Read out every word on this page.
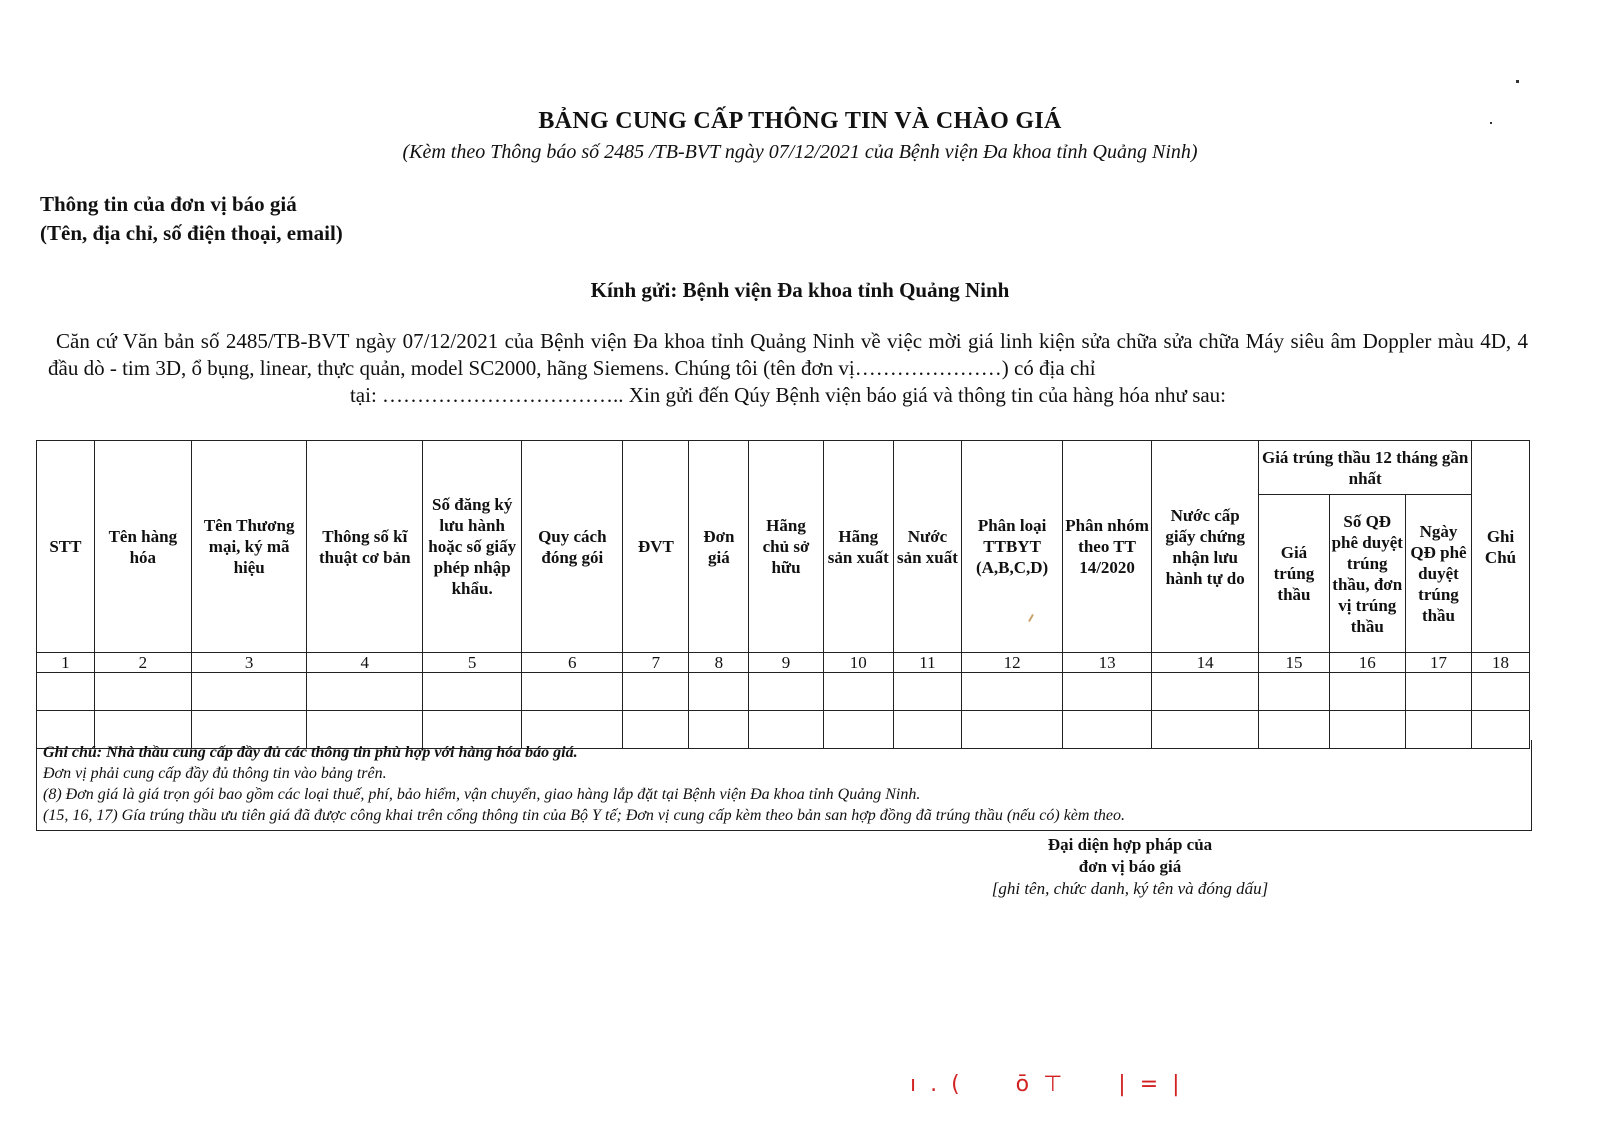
BẢNG CUNG CẤP THÔNG TIN VÀ CHÀO GIÁ
(Kèm theo Thông báo số 2485 /TB-BVT ngày 07/12/2021 của Bệnh viện Đa khoa tỉnh Quảng Ninh)
Thông tin của đơn vị báo giá
(Tên, địa chỉ, số điện thoại, email)
Kính gửi: Bệnh viện Đa khoa tỉnh Quảng Ninh
Căn cứ Văn bản số 2485/TB-BVT ngày 07/12/2021 của Bệnh viện Đa khoa tỉnh Quảng Ninh về việc mời giá linh kiện sửa chữa sửa chữa Máy siêu âm Doppler màu 4D, 4 đầu dò - tim 3D, ổ bụng, linear, thực quản, model SC2000, hãng Siemens. Chúng tôi (tên đơn vị…………………) có địa chỉ
tại: …………………………….. Xin gửi đến Qúy Bệnh viện báo giá và thông tin của hàng hóa như sau:
STT	Tên hàng hóa	Tên Thương mại, ký mã hiệu	Thông số kĩ thuật cơ bản	Số đăng ký lưu hành hoặc số giấy phép nhập khẩu.	Quy cách đóng gói	ĐVT	Đơn giá	Hãng chủ sở hữu	Hãng sản xuất	Nước sản xuất	Phân loại TTBYT (A,B,C,D)	Phân nhóm theo TT 14/2020	Nước cấp giấy chứng nhận lưu hành tự do	Giá trúng thầu 12 tháng gần nhất			Ghi Chú
														Giá trúng thầu	Số QĐ phê duyệt trúng thầu, đơn vị trúng thầu	Ngày QĐ phê duyệt trúng thầu	
1	2	3	4	5	6	7	8	9	10	11	12	13	14	15	16	17	18

Ghi chú: Nhà thầu cung cấp đầy đủ các thông tin phù hợp với hàng hóa báo giá.
Đơn vị phải cung cấp đầy đủ thông tin vào bảng trên.
(8) Đơn giá là giá trọn gói bao gồm các loại thuế, phí, bảo hiểm, vận chuyển, giao hàng lắp đặt tại Bệnh viện Đa khoa tỉnh Quảng Ninh.
(15, 16, 17) Gía trúng thầu ưu tiên giá đã được công khai trên cổng thông tin của Bộ Y tế; Đơn vị cung cấp kèm theo bản san hợp đồng đã trúng thầu (nếu có) kèm theo.
Đại diện hợp pháp của
đơn vị báo giá
[ghi tên, chức danh, ký tên và đóng dấu]
ı.(  ō⊤  |=|
